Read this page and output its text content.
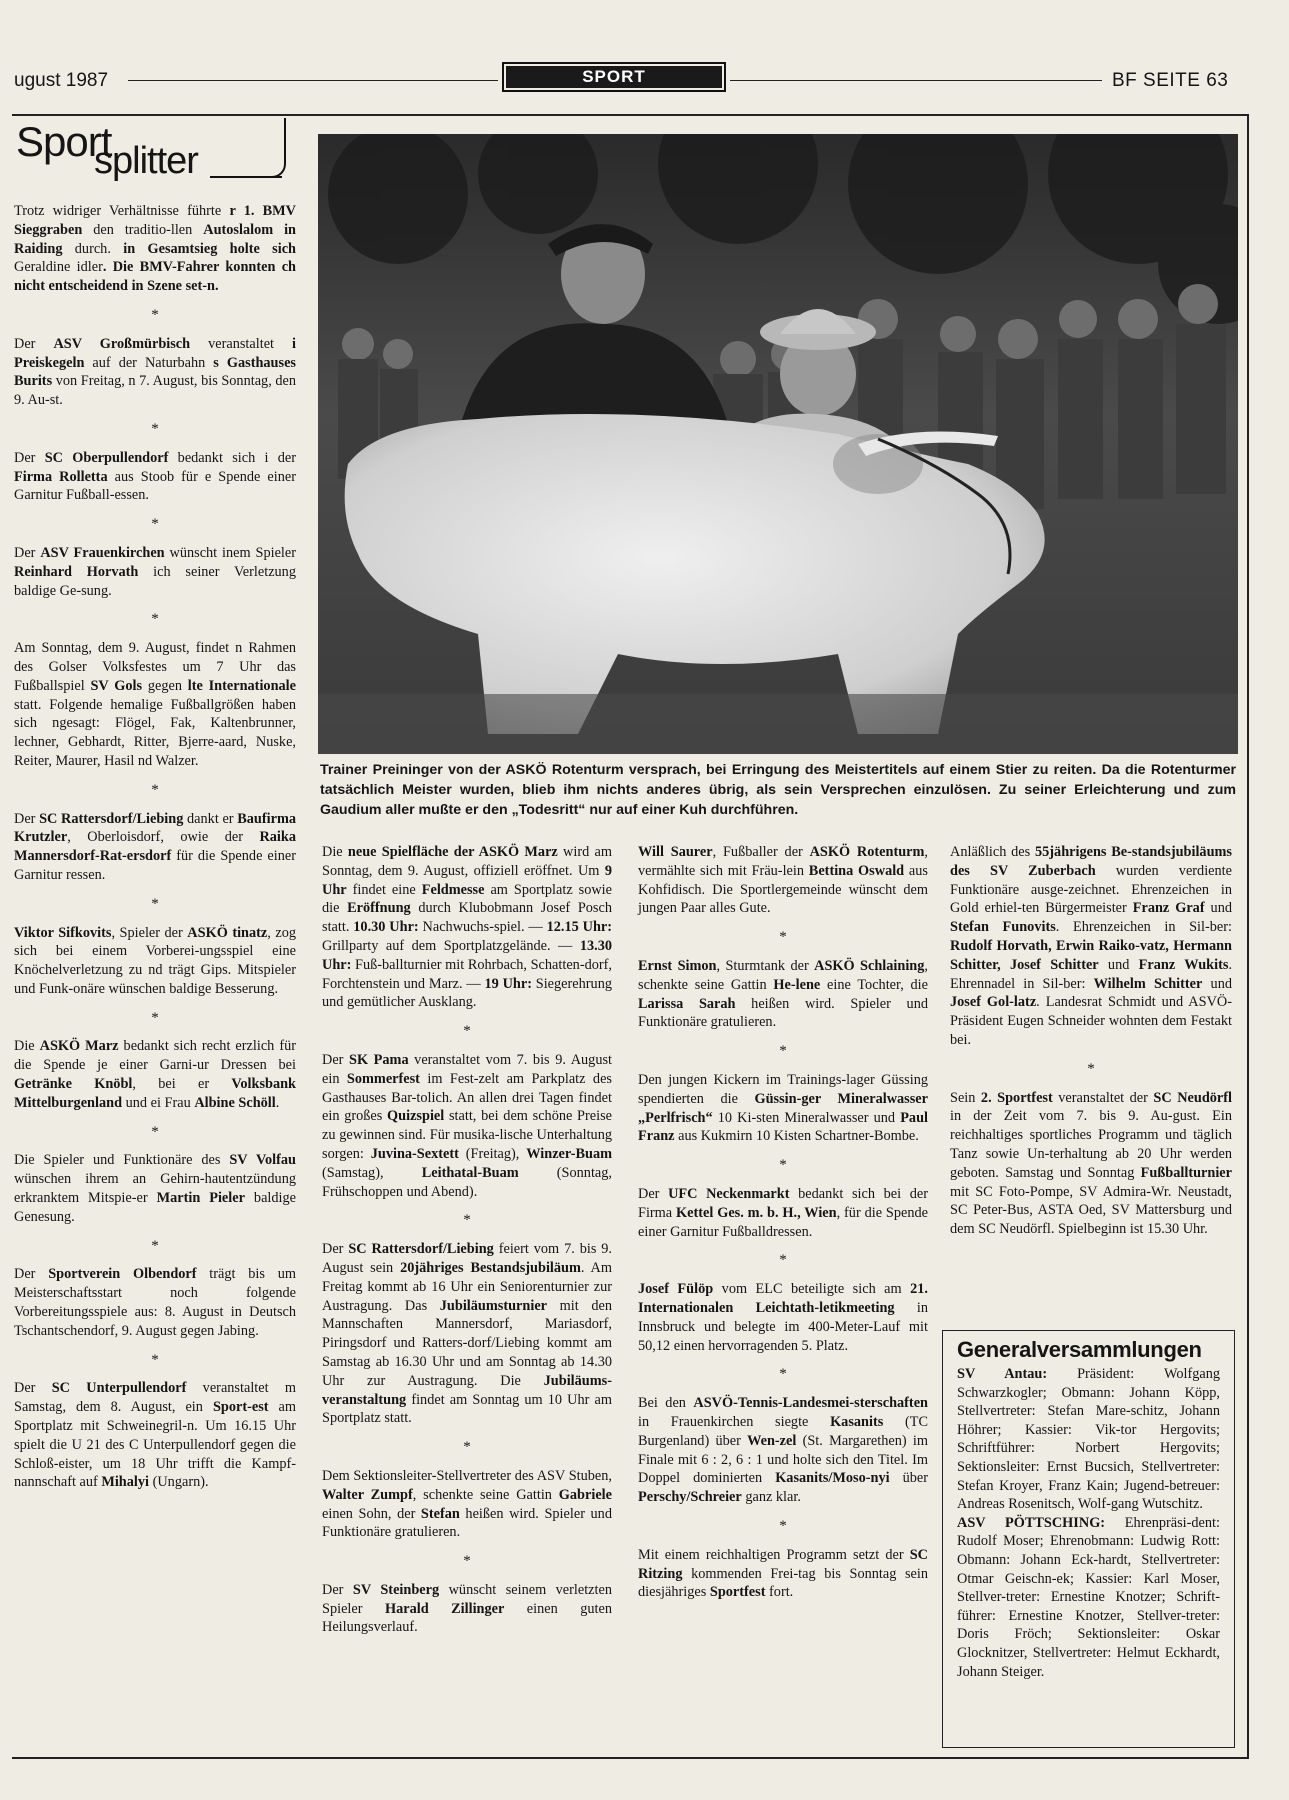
ugust 1987	SPORT	BF SEITE 63
Sport
splitter
Trainer Preininger von der ASKÖ Rotenturm versprach, bei Erringung des Meistertitels auf einem Stier zu reiten. Da die Rotenturmer tatsächlich Meister wurden, blieb ihm nichts anderes übrig, als sein Versprechen einzulösen. Zu seiner Erleichterung und zum Gaudium aller mußte er den „Todesritt“ nur auf einer Kuh durchführen.

Trotz widriger Verhältnisse führte r 1. BMV Sieggraben den traditio-llen Autoslalom in Raiding durch. in Gesamtsieg holte sich Geraldine idler. Die BMV-Fahrer konnten ch nicht entscheidend in Szene set-n.

*

Der ASV Großmürbisch veranstaltet i Preiskegeln auf der Naturbahn s Gasthauses Burits von Freitag, n 7. August, bis Sonntag, den 9. Au-st.

*

Der SC Oberpullendorf bedankt sich i der Firma Rolletta aus Stoob für e Spende einer Garnitur Fußball-essen.

*

Der ASV Frauenkirchen wünscht inem Spieler Reinhard Horvath ich seiner Verletzung baldige Ge-sung.

*

Am Sonntag, dem 9. August, findet n Rahmen des Golser Volksfestes um 7 Uhr das Fußballspiel SV Gols gegen lte Internationale statt. Folgende hemalige Fußballgrößen haben sich ngesagt: Flögel, Fak, Kaltenbrunner, lechner, Gebhardt, Ritter, Bjerre-aard, Nuske, Reiter, Maurer, Hasil nd Walzer.

*

Der SC Rattersdorf/Liebing dankt er Baufirma Krutzler, Oberloisdorf, owie der Raika Mannersdorf-Rat-ersdorf für die Spende einer Garnitur ressen.

*

Viktor Sifkovits, Spieler der ASKÖ tinatz, zog sich bei einem Vorberei-ungsspiel eine Knöchelverletzung zu nd trägt Gips. Mitspieler und Funk-onäre wünschen baldige Besserung.

*

Die ASKÖ Marz bedankt sich recht erzlich für die Spende je einer Garni-ur Dressen bei Getränke Knöbl, bei er Volksbank Mittelburgenland und ei Frau Albine Schöll.

*

Die Spieler und Funktionäre des SV Volfau wünschen ihrem an Gehirn-hautentzündung erkranktem Mitspie-er Martin Pieler baldige Genesung.

*

Der Sportverein Olbendorf trägt bis um Meisterschaftsstart noch folgende Vorbereitungsspiele aus: 8. August in Deutsch Tschantschendorf, 9. August gegen Jabing.

*

Der SC Unterpullendorf veranstaltet m Samstag, dem 8. August, ein Sport-est am Sportplatz mit Schweinegril-n. Um 16.15 Uhr spielt die U 21 des C Unterpullendorf gegen die Schloß-eister, um 18 Uhr trifft die Kampf-nannschaft auf Mihalyi (Ungarn).

Die neue Spielfläche der ASKÖ Marz wird am Sonntag, dem 9. August, offiziell eröffnet. Um 9 Uhr findet eine Feldmesse am Sportplatz sowie die Eröffnung durch Klubobmann Josef Posch statt. 10.30 Uhr: Nachwuchs-spiel. — 12.15 Uhr: Grillparty auf dem Sportplatzgelände. — 13.30 Uhr: Fuß-ballturnier mit Rohrbach, Schatten-dorf, Forchtenstein und Marz. — 19 Uhr: Siegerehrung und gemütlicher Ausklang.

*

Der SK Pama veranstaltet vom 7. bis 9. August ein Sommerfest im Fest-zelt am Parkplatz des Gasthauses Bar-tolich. An allen drei Tagen findet ein großes Quizspiel statt, bei dem schöne Preise zu gewinnen sind. Für musika-lische Unterhaltung sorgen: Juvina-Sextett (Freitag), Winzer-Buam (Samstag), Leithatal-Buam (Sonntag, Frühschoppen und Abend).

*

Der SC Rattersdorf/Liebing feiert vom 7. bis 9. August sein 20jähriges Bestandsjubiläum. Am Freitag kommt ab 16 Uhr ein Seniorenturnier zur Austragung. Das Jubiläumsturnier mit den Mannschaften Mannersdorf, Mariasdorf, Piringsdorf und Ratters-dorf/Liebing kommt am Samstag ab 16.30 Uhr und am Sonntag ab 14.30 Uhr zur Austragung. Die Jubiläums-veranstaltung findet am Sonntag um 10 Uhr am Sportplatz statt.

*

Dem Sektionsleiter-Stellvertreter des ASV Stuben, Walter Zumpf, schenkte seine Gattin Gabriele einen Sohn, der Stefan heißen wird. Spieler und Funktionäre gratulieren.

*

Der SV Steinberg wünscht seinem verletzten Spieler Harald Zillinger einen guten Heilungsverlauf.

Will Saurer, Fußballer der ASKÖ Rotenturm, vermählte sich mit Fräu-lein Bettina Oswald aus Kohfidisch. Die Sportlergemeinde wünscht dem jungen Paar alles Gute.

*

Ernst Simon, Sturmtank der ASKÖ Schlaining, schenkte seine Gattin He-lene eine Tochter, die Larissa Sarah heißen wird. Spieler und Funktionäre gratulieren.

*

Den jungen Kickern im Trainings-lager Güssing spendierten die Güssin-ger Mineralwasser „Perlfrisch“ 10 Ki-sten Mineralwasser und Paul Franz aus Kukmirn 10 Kisten Schartner-Bombe.

*

Der UFC Neckenmarkt bedankt sich bei der Firma Kettel Ges. m. b. H., Wien, für die Spende einer Garnitur Fußballdressen.

*

Josef Fülöp vom ELC beteiligte sich am 21. Internationalen Leichtath-letikmeeting in Innsbruck und belegte im 400-Meter-Lauf mit 50,12 einen hervorragenden 5. Platz.

*

Bei den ASVÖ-Tennis-Landesmei-sterschaften in Frauenkirchen siegte Kasanits (TC Burgenland) über Wen-zel (St. Margarethen) im Finale mit 6 : 2, 6 : 1 und holte sich den Titel. Im Doppel dominierten Kasanits/Moso-nyi über Perschy/Schreier ganz klar.

*

Mit einem reichhaltigen Programm setzt der SC Ritzing kommenden Frei-tag bis Sonntag sein diesjähriges Sportfest fort.

Anläßlich des 55jährigens Be-standsjubiläums des SV Zuberbach wurden verdiente Funktionäre ausge-zeichnet. Ehrenzeichen in Gold erhiel-ten Bürgermeister Franz Graf und Stefan Funovits. Ehrenzeichen in Sil-ber: Rudolf Horvath, Erwin Raiko-vatz, Hermann Schitter, Josef Schitter und Franz Wukits. Ehrennadel in Sil-ber: Wilhelm Schitter und Josef Gol-latz. Landesrat Schmidt und ASVÖ-Präsident Eugen Schneider wohnten dem Festakt bei.

*

Sein 2. Sportfest veranstaltet der SC Neudörfl in der Zeit vom 7. bis 9. Au-gust. Ein reichhaltiges sportliches Programm und täglich Tanz sowie Un-terhaltung ab 20 Uhr werden geboten. Samstag und Sonntag Fußballturnier mit SC Foto-Pompe, SV Admira-Wr. Neustadt, SC Peter-Bus, ASTA Oed, SV Mattersburg und dem SC Neudörfl. Spielbeginn ist 15.30 Uhr.

Generalversammlungen

SV Antau: Präsident: Wolfgang Schwarzkogler; Obmann: Johann Köpp, Stellvertreter: Stefan Mare-schitz, Johann Höhrer; Kassier: Vik-tor Hergovits; Schriftführer: Norbert Hergovits; Sektionsleiter: Ernst Bucsich, Stellvertreter: Stefan Kroyer, Franz Kain; Jugend-betreuer: Andreas Rosenitsch, Wolf-gang Wutschitz.

ASV PÖTTSCHING: Ehrenpräsi-dent: Rudolf Moser; Ehrenobmann: Ludwig Rott: Obmann: Johann Eck-hardt, Stellvertreter: Otmar Geischn-ek; Kassier: Karl Moser, Stellver-treter: Ernestine Knotzer; Schrift-führer: Ernestine Knotzer, Stellver-treter: Doris Fröch; Sektionsleiter: Oskar Glocknitzer, Stellvertreter: Helmut Eckhardt, Johann Steiger.
